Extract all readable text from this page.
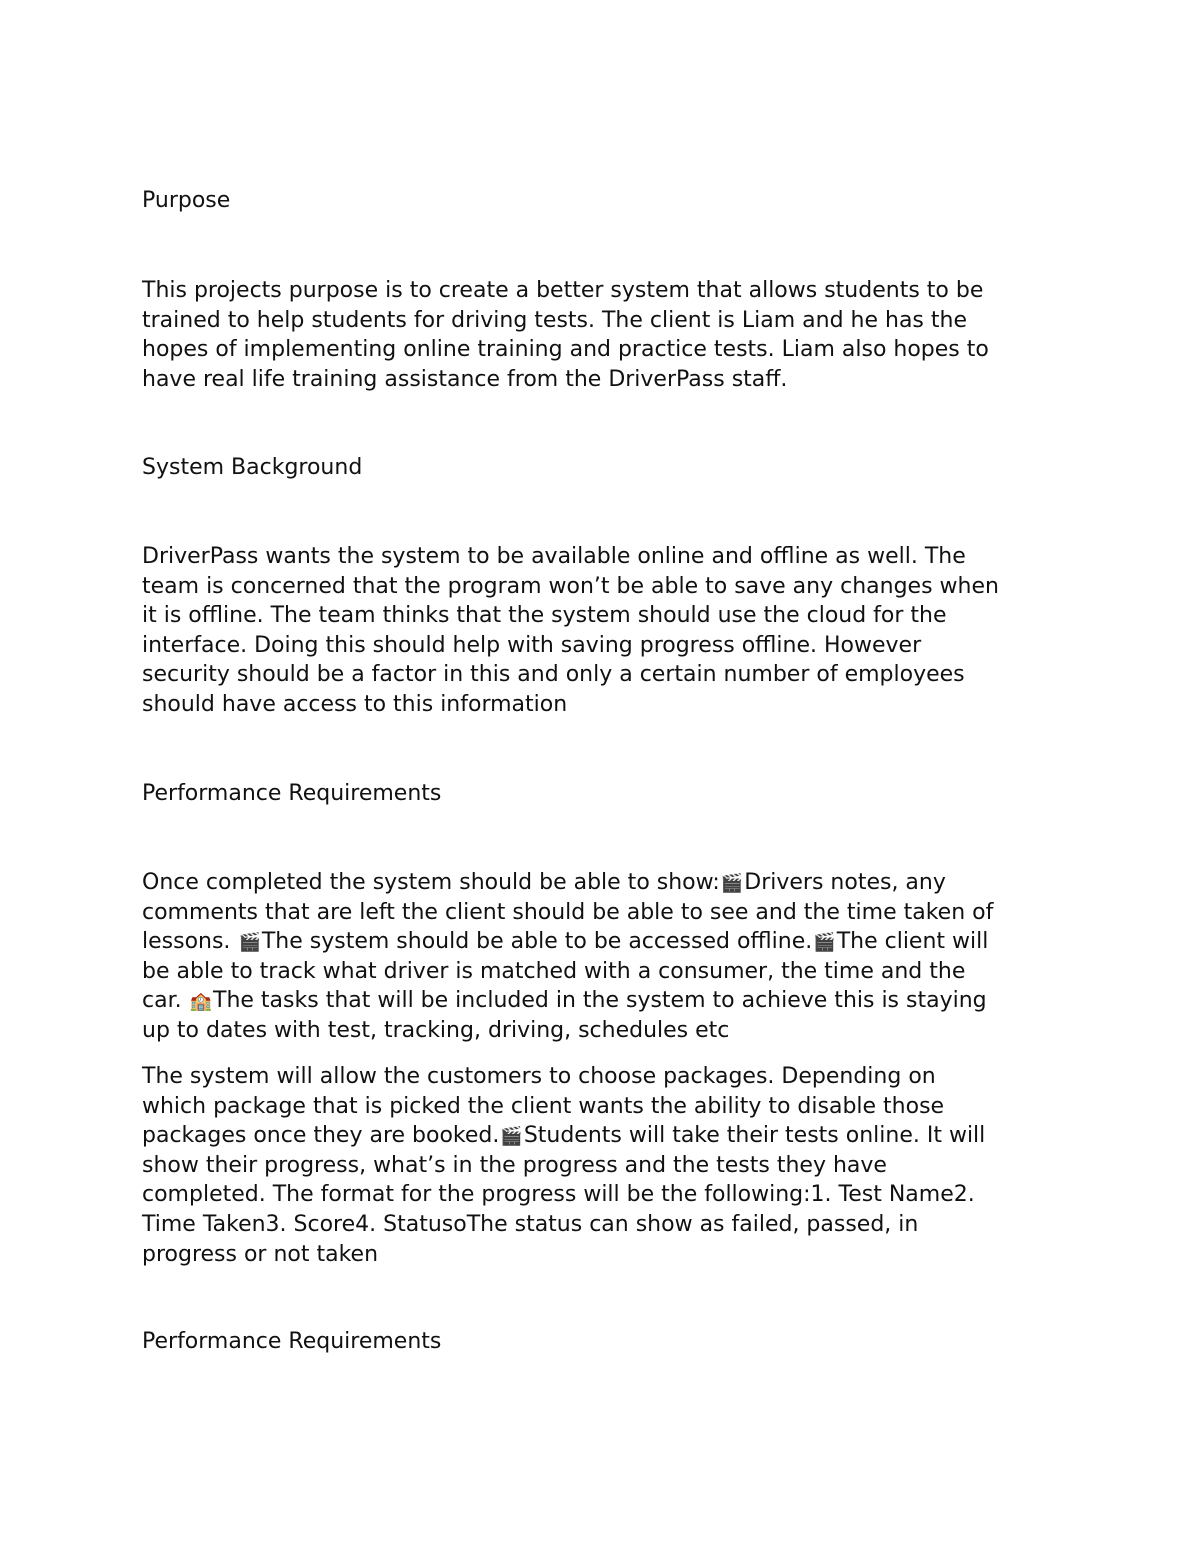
Purpose

This projects purpose is to create a better system that allows students to be
trained to help students for driving tests. The client is Liam and he has the
hopes of implementing online training and practice tests. Liam also hopes to
have real life training assistance from the DriverPass staff.

System Background

DriverPass wants the system to be available online and offline as well. The
team is concerned that the program won’t be able to save any changes when
it is offline. The team thinks that the system should use the cloud for the
interface. Doing this should help with saving progress offline. However
security should be a factor in this and only a certain number of employees
should have access to this information

Performance Requirements

Once completed the system should be able to show:🎬Drivers notes, any
comments that are left the client should be able to see and the time taken of
lessons. 🎬The system should be able to be accessed offline.🎬The client will
be able to track what driver is matched with a consumer, the time and the
car. 🏫The tasks that will be included in the system to achieve this is staying
up to dates with test, tracking, driving, schedules etc

The system will allow the customers to choose packages. Depending on
which package that is picked the client wants the ability to disable those
packages once they are booked.🎬Students will take their tests online. It will
show their progress, what’s in the progress and the tests they have
completed. The format for the progress will be the following:1. Test Name2.
Time Taken3. Score4. StatusoThe status can show as failed, passed, in
progress or not taken

Performance Requirements
